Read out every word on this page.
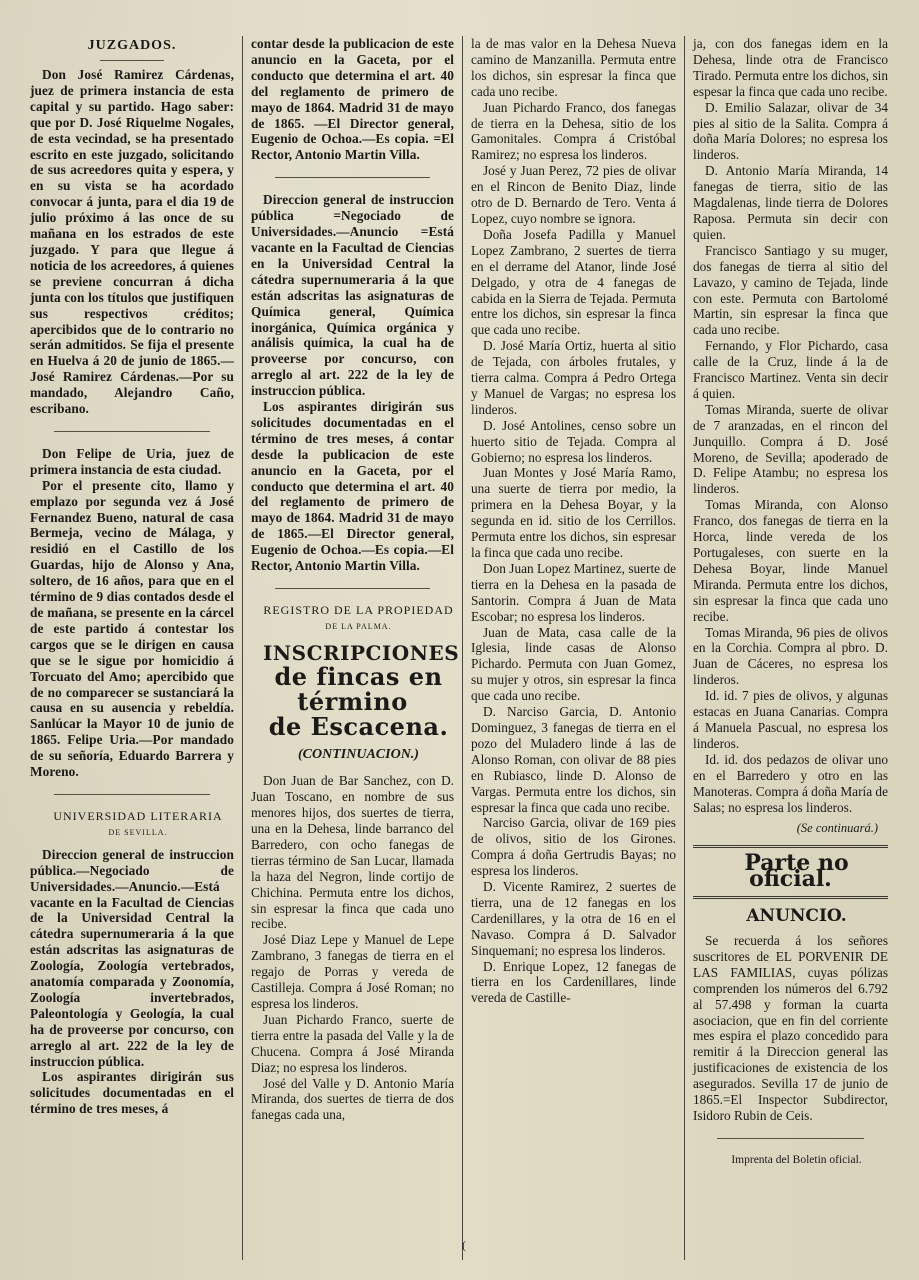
JUZGADOS.

Don José Ramirez Cárdenas, juez de primera instancia de esta capital y su partido. Hago saber: que por D. José Riquelme Nogales, de esta vecindad, se ha presentado escrito en este juzgado, solicitando de sus acreedores quita y espera, y en su vista se ha acordado convocar á junta, para el dia 19 de julio próximo á las once de su mañana en los estrados de este juzgado. Y para que llegue á noticia de los acreedores, á quienes se previene concurran á dicha junta con los títulos que justifiquen sus respectivos créditos; apercibidos que de lo contrario no serán admitidos. Se fija el presente en Huelva á 20 de junio de 1865.—José Ramirez Cárdenas.—Por su mandado, Alejandro Caño, escribano.

Don Felipe de Uria, juez de primera instancia de esta ciudad.

Por el presente cito, llamo y emplazo por segunda vez á José Fernandez Bueno, natural de casa Bermeja, vecino de Málaga, y residió en el Castillo de los Guardas, hijo de Alonso y Ana, soltero, de 16 años, para que en el término de 9 dias contados desde el de mañana, se presente en la cárcel de este partido á contestar los cargos que se le dirigen en causa que se le sigue por homicidio á Torcuato del Amo; apercibido que de no comparecer se sustanciará la causa en su ausencia y rebeldía. Sanlúcar la Mayor 10 de junio de 1865. Felipe Uria.—Por mandado de su señoría, Eduardo Barrera y Moreno.

UNIVERSIDAD LITERARIA

DE SEVILLA.

Direccion general de instruccion pública.—Negociado de Universidades.—Anuncio.—Está vacante en la Facultad de Ciencias de la Universidad Central la cátedra supernumeraria á la que están adscritas las asignaturas de Zoología, Zoología vertebrados, anatomía comparada y Zoonomía, Zoología invertebrados, Paleontología y Geología, la cual ha de proveerse por concurso, con arreglo al art. 222 de la ley de instruccion pública.

Los aspirantes dirigirán sus solicitudes documentadas en el término de tres meses, á

contar desde la publicacion de este anuncio en la Gaceta, por el conducto que determina el art. 40 del reglamento de primero de mayo de 1864. Madrid 31 de mayo de 1865. —El Director general, Eugenio de Ochoa.—Es copia. =El Rector, Antonio Martin Villa.

Direccion general de instruccion pública =Negociado de Universidades.—Anuncio =Está vacante en la Facultad de Ciencias en la Universidad Central la cátedra supernumeraria á la que están adscritas las asignaturas de Química general, Química inorgánica, Química orgánica y análisis química, la cual ha de proveerse por concurso, con arreglo al art. 222 de la ley de instruccion pública.

Los aspirantes dirigirán sus solicitudes documentadas en el término de tres meses, á contar desde la publicacion de este anuncio en la Gaceta, por el conducto que determina el art. 40 del reglamento de primero de mayo de 1864. Madrid 31 de mayo de 1865.—El Director general, Eugenio de Ochoa.—Es copia.—El Rector, Antonio Martin Villa.

REGISTRO DE LA PROPIEDAD

DE LA PALMA.

INSCRIPCIONES

de fincas en término

de Escacena.

(CONTINUACION.)

Don Juan de Bar Sanchez, con D. Juan Toscano, en nombre de sus menores hijos, dos suertes de tierra, una en la Dehesa, linde barranco del Barredero, con ocho fanegas de tierras término de San Lucar, llamada la haza del Negron, linde cortijo de Chichina. Permuta entre los dichos, sin espresar la finca que cada uno recibe.

José Diaz Lepe y Manuel de Lepe Zambrano, 3 fanegas de tierra en el regajo de Porras y vereda de Castilleja. Compra á José Roman; no espresa los linderos.

Juan Pichardo Franco, suerte de tierra entre la pasada del Valle y la de Chucena. Compra á José Miranda Diaz; no espresa los linderos.

José del Valle y D. Antonio María Miranda, dos suertes de tierra de dos fanegas cada una,

la de mas valor en la Dehesa Nueva camino de Manzanilla. Permuta entre los dichos, sin espresar la finca que cada uno recibe.

Juan Pichardo Franco, dos fanegas de tierra en la Dehesa, sitio de los Gamonitales. Compra á Cristóbal Ramirez; no espresa los linderos.

José y Juan Perez, 72 pies de olivar en el Rincon de Benito Diaz, linde otro de D. Bernardo de Tero. Venta á Lopez, cuyo nombre se ignora.

Doña Josefa Padilla y Manuel Lopez Zambrano, 2 suertes de tierra en el derrame del Atanor, linde José Delgado, y otra de 4 fanegas de cabida en la Sierra de Tejada. Permuta entre los dichos, sin espresar la finca que cada uno recibe.

D. José María Ortiz, huerta al sitio de Tejada, con árboles frutales, y tierra calma. Compra á Pedro Ortega y Manuel de Vargas; no espresa los linderos.

D. José Antolines, censo sobre un huerto sitio de Tejada. Compra al Gobierno; no espresa los linderos.

Juan Montes y José María Ramo, una suerte de tierra por medio, la primera en la Dehesa Boyar, y la segunda en id. sitio de los Cerrillos. Permuta entre los dichos, sin espresar la finca que cada uno recibe.

Don Juan Lopez Martinez, suerte de tierra en la Dehesa en la pasada de Santorin. Compra á Juan de Mata Escobar; no espresa los linderos.

Juan de Mata, casa calle de la Iglesia, linde casas de Alonso Pichardo. Permuta con Juan Gomez, su mujer y otros, sin espresar la finca que cada uno recibe.

D. Narciso Garcia, D. Antonio Dominguez, 3 fanegas de tierra en el pozo del Muladero linde á las de Alonso Roman, con olivar de 88 pies en Rubiasco, linde D. Alonso de Vargas. Permuta entre los dichos, sin espresar la finca que cada uno recibe.

Narciso Garcia, olivar de 169 pies de olivos, sitio de los Girones. Compra á doña Gertrudis Bayas; no espresa los linderos.

D. Vicente Ramirez, 2 suertes de tierra, una de 12 fanegas en los Cardenillares, y la otra de 16 en el Navaso. Compra á D. Salvador Sinquemani; no espresa los linderos.

D. Enrique Lopez, 12 fanegas de tierra en los Cardenillares, linde vereda de Castille-

ja, con dos fanegas idem en la Dehesa, linde otra de Francisco Tirado. Permuta entre los dichos, sin espesar la finca que cada uno recibe.

D. Emilio Salazar, olivar de 34 pies al sitio de la Salita. Compra á doña María Dolores; no espresa los linderos.

D. Antonio María Miranda, 14 fanegas de tierra, sitio de las Magdalenas, linde tierra de Dolores Raposa. Permuta sin decir con quien.

Francisco Santiago y su muger, dos fanegas de tierra al sitio del Lavazo, y camino de Tejada, linde con este. Permuta con Bartolomé Martin, sin espresar la finca que cada uno recibe.

Fernando, y Flor Pichardo, casa calle de la Cruz, linde á la de Francisco Martinez. Venta sin decir á quien.

Tomas Miranda, suerte de olivar de 7 aranzadas, en el rincon del Junquillo. Compra á D. José Moreno, de Sevilla; apoderado de D. Felipe Atambu; no espresa los linderos.

Tomas Miranda, con Alonso Franco, dos fanegas de tierra en la Horca, linde vereda de los Portugaleses, con suerte en la Dehesa Boyar, linde Manuel Miranda. Permuta entre los dichos, sin espresar la finca que cada uno recibe.

Tomas Miranda, 96 pies de olivos en la Corchia. Compra al pbro. D. Juan de Cáceres, no espresa los linderos.

Id. id. 7 pies de olivos, y algunas estacas en Juana Canarias. Compra á Manuela Pascual, no espresa los linderos.

Id. id. dos pedazos de olivar uno en el Barredero y otro en las Manoteras. Compra á doña María de Salas; no espresa los linderos.

(Se continuará.)

Parte no oficial.

ANUNCIO.

Se recuerda á los señores suscritores de EL PORVENIR DE LAS FAMILIAS, cuyas pólizas comprenden los números del 6.792 al 57.498 y forman la cuarta asociacion, que en fin del corriente mes espira el plazo concedido para remitir á la Direccion general las justificaciones de existencia de los asegurados. Sevilla 17 de junio de 1865.=El Inspector Subdirector, Isidoro Rubin de Ceis.

Imprenta del Boletin oficial.

(
